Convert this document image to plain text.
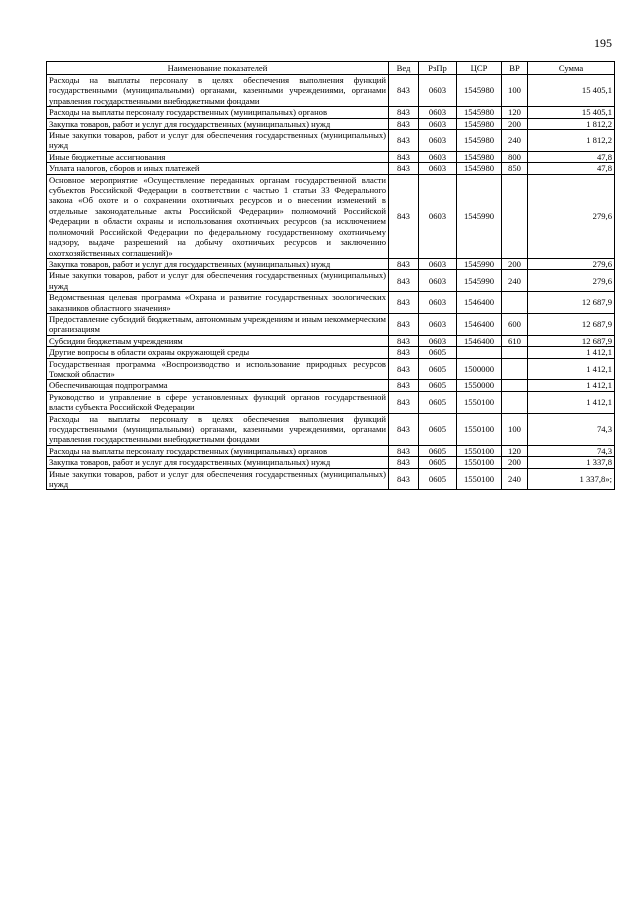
195
Наименование показателей	Вед	РзПр	ЦСР	ВР	Сумма
Расходы на выплаты персоналу в целях обеспечения выполнения функций государственными (муниципальными) органами, казенными учреждениями, органами управления государственными внебюджетными фондами	843	0603	1545980	100	15 405,1
Расходы на выплаты персоналу государственных (муниципальных) органов	843	0603	1545980	120	15 405,1
Закупка товаров, работ и услуг для государственных (муниципальных) нужд	843	0603	1545980	200	1 812,2
Иные закупки товаров, работ и услуг для обеспечения государственных (муниципальных) нужд	843	0603	1545980	240	1 812,2
Иные бюджетные ассигнования	843	0603	1545980	800	47,8
Уплата налогов, сборов и иных платежей	843	0603	1545980	850	47,8
Основное мероприятие «Осуществление переданных органам государственной власти субъектов Российской Федерации в соответствии с частью 1 статьи 33 Федерального закона «Об охоте и о сохранении охотничьих ресурсов и о внесении изменений в отдельные законодательные акты Российской Федерации» полномочий Российской Федерации в области охраны и использования охотничьих ресурсов (за исключением полномочий Российской Федерации по федеральному государственному охотничьему надзору, выдаче разрешений на добычу охотничьих ресурсов и заключению охотхозяйственных соглашений)»	843	0603	1545990		279,6
Закупка товаров, работ и услуг для государственных (муниципальных) нужд	843	0603	1545990	200	279,6
Иные закупки товаров, работ и услуг для обеспечения государственных (муниципальных) нужд	843	0603	1545990	240	279,6
Ведомственная целевая программа «Охрана и развитие государственных зоологических заказников областного значения»	843	0603	1546400		12 687,9
Предоставление субсидий бюджетным, автономным учреждениям и иным некоммерческим организациям	843	0603	1546400	600	12 687,9
Субсидии бюджетным учреждениям	843	0603	1546400	610	12 687,9
Другие вопросы в области охраны окружающей среды	843	0605			1 412,1
Государственная программа «Воспроизводство и использование природных ресурсов Томской области»	843	0605	1500000		1 412,1
Обеспечивающая подпрограмма	843	0605	1550000		1 412,1
Руководство и управление в сфере установленных функций органов государственной власти субъекта Российской Федерации	843	0605	1550100		1 412,1
Расходы на выплаты персоналу в целях обеспечения выполнения функций государственными (муниципальными) органами, казенными учреждениями, органами управления государственными внебюджетными фондами	843	0605	1550100	100	74,3
Расходы на выплаты персоналу государственных (муниципальных) органов	843	0605	1550100	120	74,3
Закупка товаров, работ и услуг для государственных (муниципальных) нужд	843	0605	1550100	200	1 337,8
Иные закупки товаров, работ и услуг для обеспечения государственных (муниципальных) нужд	843	0605	1550100	240	1 337,8»;
